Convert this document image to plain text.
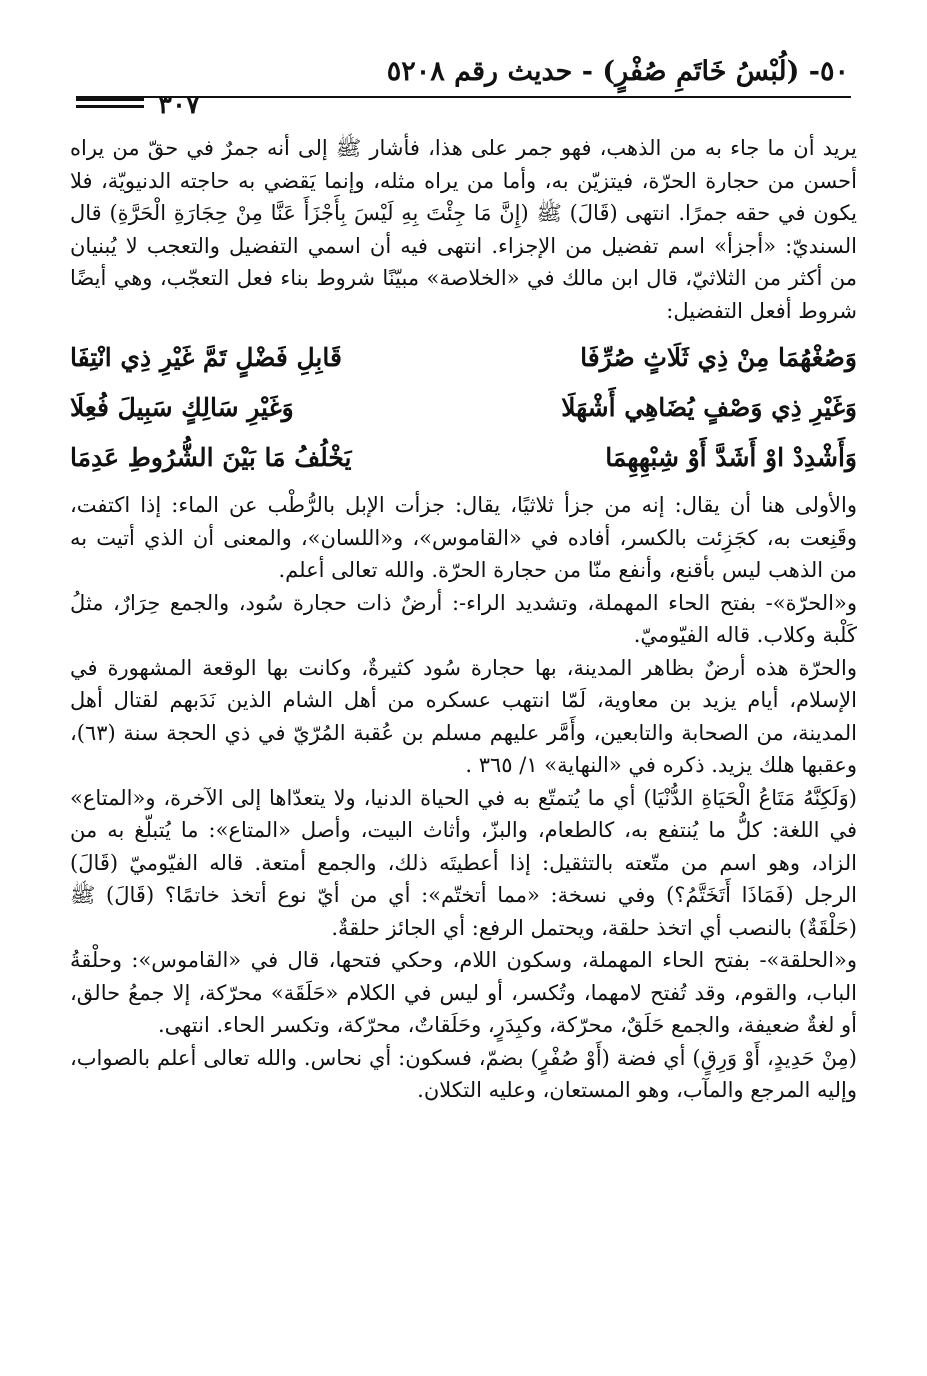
٥٠- (لُبْسُ خَاتَمِ صُفْرٍ) - حديث رقم ٥٢٠٨
٣٠٧

يريد أن ما جاء به من الذهب، فهو جمر على هذا، فأشار ﷺ إلى أنه جمرٌ في حقّ من يراه أحسن من حجارة الحرّة، فيتزيّن به، وأما من يراه مثله، وإنما يَقضي به حاجته الدنيويّة، فلا يكون في حقه جمرًا. انتهى (قَالَ) ﷺ (إِنَّ مَا جِئْتَ بِهِ لَيْسَ بِأَجْزَأَ عَنَّا مِنْ حِجَارَةِ الْحَرَّةِ) قال السنديّ: «أجزأ» اسم تفضيل من الإجزاء. انتهى فيه أن اسمي التفضيل والتعجب لا يُبنيان من أكثر من الثلاثيّ، قال ابن مالك في «الخلاصة» مبيّنًا شروط بناء فعل التعجّب، وهي أيضًا شروط أفعل التفضيل:

وَصُغْهُمَا مِنْ ذِي ثَلَاثٍ صُرِّفَا
قَابِلِ فَضْلٍ تَمَّ غَيْرِ ذِي انْتِفَا
وَغَيْرِ ذِي وَصْفٍ يُضَاهِي أَشْهَلَا
وَغَيْرِ سَالِكٍ سَبِيلَ فُعِلَا
وَأَشْدِدْ اوْ أَشَدَّ أَوْ شِبْهِهِمَا
يَخْلُفُ مَا بَيْنَ الشُّرُوطِ عَدِمَا

والأولى هنا أن يقال: إنه من جزأ ثلاثيًا، يقال: جزأت الإبل بالرُّطْب عن الماء: إذا اكتفت، وقَنِعت به، كجَزِئت بالكسر، أفاده في «القاموس»، و«اللسان»، والمعنى أن الذي أتيت به من الذهب ليس بأقنع، وأنفع منّا من حجارة الحرّة. والله تعالى أعلم.

و«الحرّة»- بفتح الحاء المهملة، وتشديد الراء-: أرضٌ ذات حجارة سُود، والجمع حِرَارٌ، مثلُ كَلْبة وكلاب. قاله الفيّوميّ.

والحرّة هذه أرضٌ بظاهر المدينة، بها حجارة سُود كثيرةٌ، وكانت بها الوقعة المشهورة في الإسلام، أيام يزيد بن معاوية، لَمّا انتهب عسكره من أهل الشام الذين نَدَبهم لقتال أهل المدينة، من الصحابة والتابعين، وأَمَّر عليهم مسلم بن عُقبة المُرّيّ في ذي الحجة سنة (٦٣)، وعقبها هلك يزيد. ذكره في «النهاية» ١/ ٣٦٥ .

(وَلَكِنَّهُ مَتَاعُ الْحَيَاةِ الدُّنْيَا) أي ما يُتمتّع به في الحياة الدنيا، ولا يتعدّاها إلى الآخرة، و«المتاع» في اللغة: كلُّ ما يُنتفع به، كالطعام، والبزّ، وأثاث البيت، وأصل «المتاع»: ما يُتبلّغ به من الزاد، وهو اسم من متّعته بالتثقيل: إذا أعطيتَه ذلك، والجمع أمتعة. قاله الفيّوميّ (قَالَ) الرجل (فَمَاذَا أَتَخَتَّمُ؟) وفي نسخة: «مما أتختّم»: أي من أيّ نوع أتخذ خاتمًا؟ (قَالَ) ﷺ (حَلْقَةٌ) بالنصب أي اتخذ حلقة، ويحتمل الرفع: أي الجائز حلقةٌ.

و«الحلقة»- بفتح الحاء المهملة، وسكون اللام، وحكي فتحها، قال في «القاموس»: وحلْقةُ الباب، والقوم، وقد تُفتح لامهما، وتُكسر، أو ليس في الكلام «حَلَقَة» محرّكة، إلا جمعُ حالق، أو لغةٌ ضعيفة، والجمع حَلَقٌ، محرّكة، وكبِدَرٍ، وحَلَقاتٌ، محرّكة، وتكسر الحاء. انتهى.

(مِنْ حَدِيدٍ، أَوْ وَرِقٍ) أي فضة (أَوْ صُفْرٍ) بضمّ، فسكون: أي نحاس. والله تعالى أعلم بالصواب، وإليه المرجع والمآب، وهو المستعان، وعليه التكلان.
